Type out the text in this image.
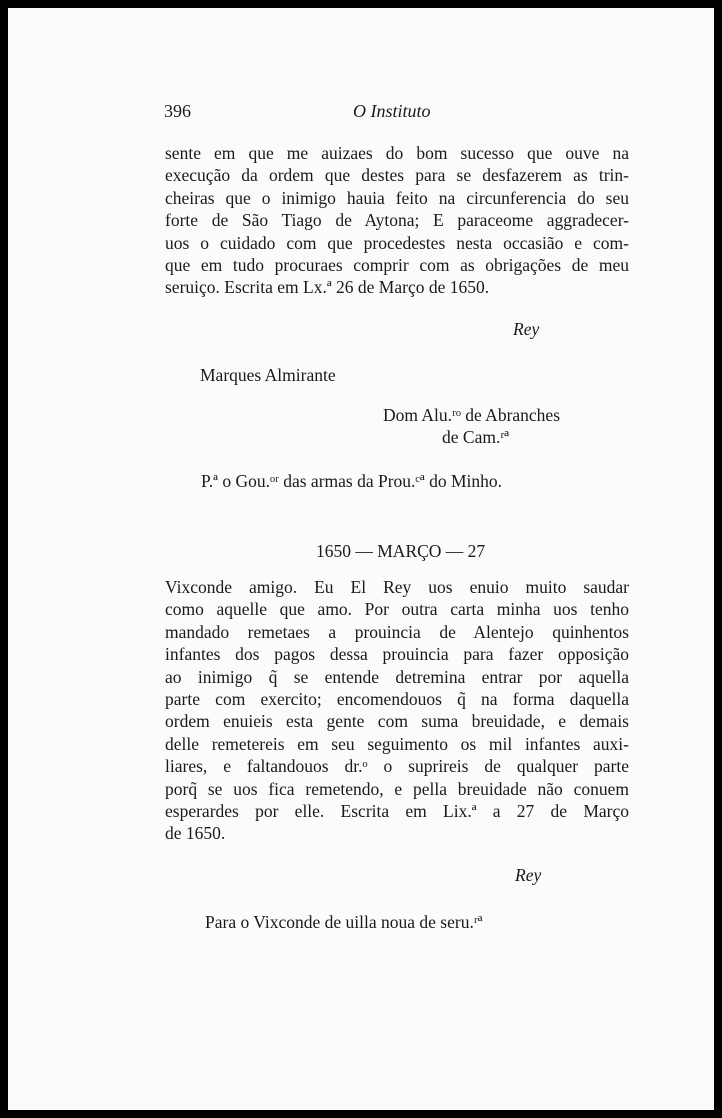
396	O Instituto
sente em que me auizaes do bom sucesso que ouve na
execução da ordem que destes para se desfazerem as trin-
cheiras que o inimigo hauia feito na circunferencia do seu
forte de São Tiago de Aytona; E paraceome aggradecer-
uos o cuidado com que procedestes nesta occasião e com-
que em tudo procuraes comprir com as obrigações de meu
seruiço. Escrita em Lx.ª 26 de Março de 1650.
Rey
Marques Almirante
Dom Alu.ʳᵒ de Abranches
de Cam.ʳª
P.ª o Gou.ᵒʳ das armas da Prou.ᶜª do Minho.
1650 — MARÇO — 27
Vixconde amigo. Eu El Rey uos enuio muito saudar
como aquelle que amo. Por outra carta minha uos tenho
mandado remetaes a prouincia de Alentejo quinhentos
infantes dos pagos dessa prouincia para fazer opposição
ao inimigo q̃ se entende detremina entrar por aquella
parte com exercito; encomendouos q̃ na forma daquella
ordem enuieis esta gente com suma breuidade, e demais
delle remetereis em seu seguimento os mil infantes auxi-
liares, e faltandouos dr.ᵒ o suprireis de qualquer parte
porq̃ se uos fica remetendo, e pella breuidade não conuem
esperardes por elle. Escrita em Lix.ª a 27 de Março
de 1650.
Rey
Para o Vixconde de uilla noua de seru.ʳª
